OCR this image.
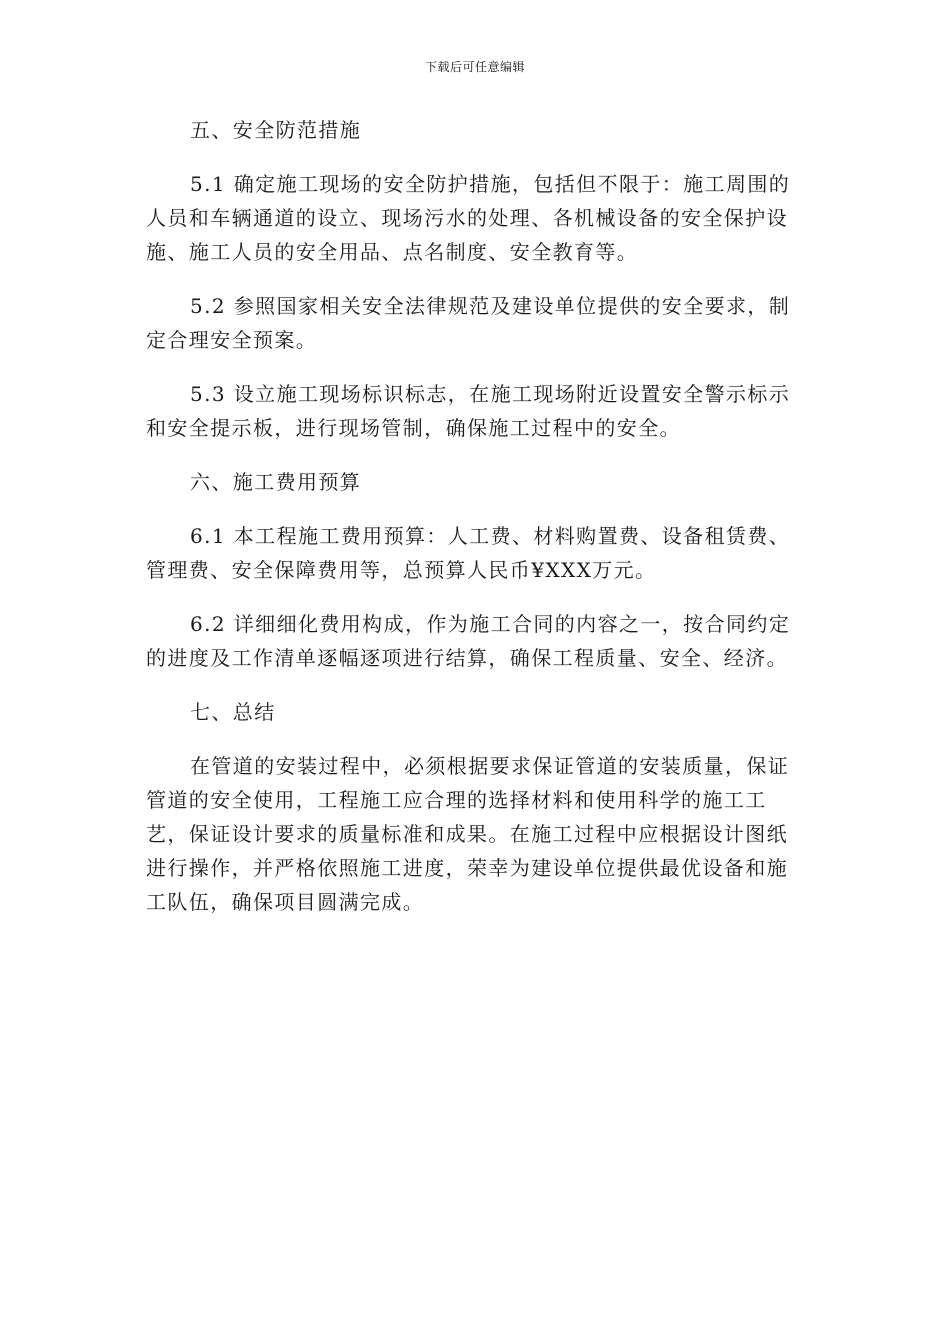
下载后可任意编辑

五、安全防范措施

5.1 确定施工现场的安全防护措施，包括但不限于：施工周围的人员和车辆通道的设立、现场污水的处理、各机械设备的安全保护设施、施工人员的安全用品、点名制度、安全教育等。

5.2 参照国家相关安全法律规范及建设单位提供的安全要求，制定合理安全预案。

5.3 设立施工现场标识标志，在施工现场附近设置安全警示标示和安全提示板，进行现场管制，确保施工过程中的安全。

六、施工费用预算

6.1 本工程施工费用预算：人工费、材料购置费、设备租赁费、管理费、安全保障费用等，总预算人民币¥XXX万元。

6.2 详细细化费用构成，作为施工合同的内容之一，按合同约定的进度及工作清单逐幅逐项进行结算，确保工程质量、安全、经济。

七、总结

在管道的安装过程中，必须根据要求保证管道的安装质量，保证管道的安全使用，工程施工应合理的选择材料和使用科学的施工工艺，保证设计要求的质量标准和成果。在施工过程中应根据设计图纸进行操作，并严格依照施工进度，荣幸为建设单位提供最优设备和施工队伍，确保项目圆满完成。
